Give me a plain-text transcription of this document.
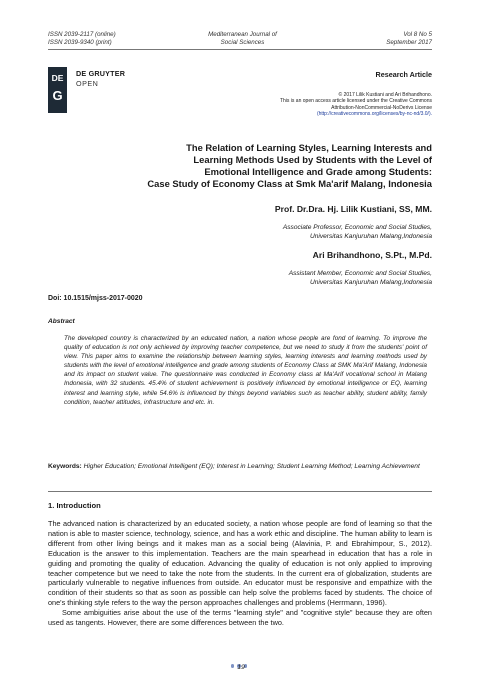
ISSN 2039-2117 (online)
ISSN 2039-9340 (print)
Mediterranean Journal of
Social Sciences
Vol 8 No 5
September 2017
DE
G
DE GRUYTER
OPEN
Research Article
© 2017 Lilik Kustiani and Ari Brihandhono.
This is an open access article licensed under the Creative Commons
Attribution-NonCommercial-NoDerivs License
(http://creativecommons.org/licenses/by-nc-nd/3.0/).
The Relation of Learning Styles, Learning Interests and
Learning Methods Used by Students with the Level of
Emotional Intelligence and Grade among Students:
Case Study of Economy Class at Smk Ma'arif Malang, Indonesia
Prof. Dr.Dra. Hj. Lilik Kustiani, SS, MM.
Associate Professor, Economic and Social Studies,
Universitas Kanjuruhan Malang,Indonesia
Ari Brihandhono, S.Pt., M.Pd.
Assistant Member, Economic and Social Studies,
Universitas Kanjuruhan Malang,Indonesia
Doi: 10.1515/mjss-2017-0020
Abstract
The developed country is characterized by an educated nation, a nation whose people are fond of learning. To improve the quality of education is not only achieved by improving teacher competence, but we need to study it from the students' point of view. This paper aims to examine the relationship between learning styles, learning interests and learning methods used by students with the level of emotional intelligence and grade among students of Economy Class at SMK Ma'Arif Malang, Indonesia and its impact on student value. The questionnaire was conducted in Economy class at Ma'Arif vocational school in Malang Indonesia, with 32 students. 45.4% of student achievement is positively influenced by emotional intelligence or EQ, learning interest and learning style, while 54.6% is influenced by things beyond variables such as teacher ability, student ability, family condition, teacher attitudes, infrastructure and etc. in.
Keywords: Higher Education; Emotional Intelligent (EQ); Interest in Learning; Student Learning Method; Learning Achievement
1. Introduction

The advanced nation is characterized by an educated society, a nation whose people are fond of learning so that the nation is able to master science, technology, science, and has a work ethic and discipline. The human ability to learn is different from other living beings and it makes man as a social being (Alavinia, P. and Ebrahimpour, S., 2012). Education is the answer to this implementation. Teachers are the main spearhead in education that has a role in guiding and promoting the quality of education. Advancing the quality of education is not only applied to improving teacher competence but we need to take the note from the students. In the current era of globalization, students are particularly vulnerable to negative influences from outside. An educator must be responsive and empathize with the condition of their students so that as soon as possible can help solve the problems faced by students. The choice of one's thinking style refers to the way the person approaches challenges and problems (Herrmann, 1996).

Some ambiguities arise about the use of the terms "learning style" and "cognitive style" because they are often used as tangents. However, there are some differences between the two.

19
